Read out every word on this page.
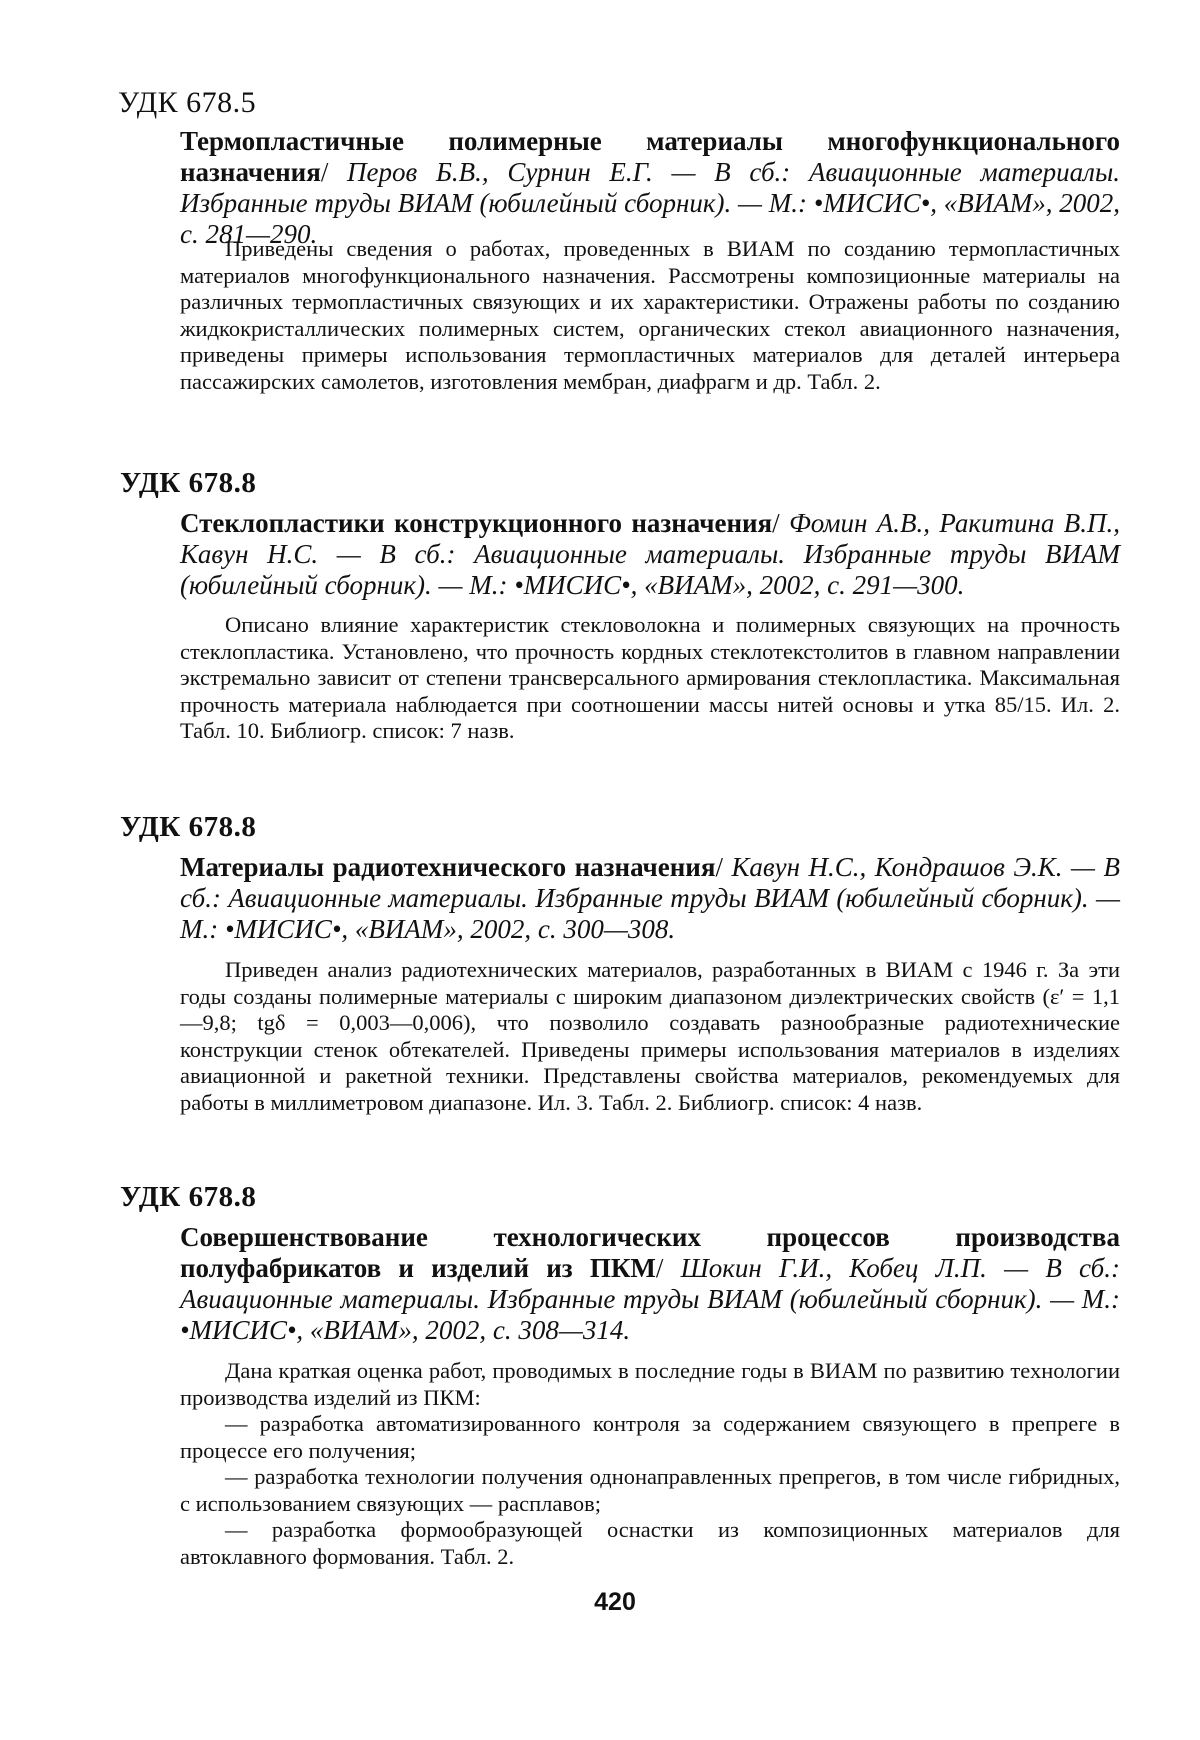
УДК 678.5
Термопластичные полимерные материалы многофункционального назначения/ Перов Б.В., Сурнин Е.Г. — В сб.: Авиационные материалы. Избранные труды ВИАМ (юбилейный сборник). — М.: •МИСИС•, «ВИАМ», 2002, с. 281—290.

Приведены сведения о работах, проведенных в ВИАМ по созданию термопластичных материалов многофункционального назначения. Рассмотрены композиционные материалы на различных термопластичных связующих и их характеристики. Отражены работы по созданию жидкокристаллических полимерных систем, органических стекол авиационного назначения, приведены примеры использования термопластичных материалов для деталей интерьера пассажирских самолетов, изготовления мембран, диафрагм и др. Табл. 2.

УДК 678.8
Стеклопластики конструкционного назначения/ Фомин А.В., Ракитина В.П., Кавун Н.С. — В сб.: Авиационные материалы. Избранные труды ВИАМ (юбилейный сборник). — М.: •МИСИС•, «ВИАМ», 2002, с. 291—300.

Описано влияние характеристик стекловолокна и полимерных связующих на прочность стеклопластика. Установлено, что прочность кордных стеклотекстолитов в главном направлении экстремально зависит от степени трансверсального армирования стеклопластика. Максимальная прочность материала наблюдается при соотношении массы нитей основы и утка 85/15. Ил. 2. Табл. 10. Библиогр. список: 7 назв.

УДК 678.8
Материалы радиотехнического назначения/ Кавун Н.С., Кондрашов Э.К. — В сб.: Авиационные материалы. Избранные труды ВИАМ (юбилейный сборник). — М.: •МИСИС•, «ВИАМ», 2002, с. 300—308.

Приведен анализ радиотехнических материалов, разработанных в ВИАМ с 1946 г. За эти годы созданы полимерные материалы с широким диапазоном диэлектрических свойств (ε′ = 1,1—9,8; tgδ = 0,003—0,006), что позволило создавать разнообразные радиотехнические конструкции стенок обтекателей. Приведены примеры использования материалов в изделиях авиационной и ракетной техники. Представлены свойства материалов, рекомендуемых для работы в миллиметровом диапазоне. Ил. 3. Табл. 2. Библиогр. список: 4 назв.

УДК 678.8
Совершенствование технологических процессов производства полуфабрикатов и изделий из ПКМ/ Шокин Г.И., Кобец Л.П. — В сб.: Авиационные материалы. Избранные труды ВИАМ (юбилейный сборник). — М.: •МИСИС•, «ВИАМ», 2002, с. 308—314.

Дана краткая оценка работ, проводимых в последние годы в ВИАМ по развитию технологии производства изделий из ПКМ:

— разработка автоматизированного контроля за содержанием связующего в препреге в процессе его получения;

— разработка технологии получения однонаправленных препрегов, в том числе гибридных, с использованием связующих — расплавов;

— разработка формообразующей оснастки из композиционных материалов для автоклавного формования. Табл. 2.

420
